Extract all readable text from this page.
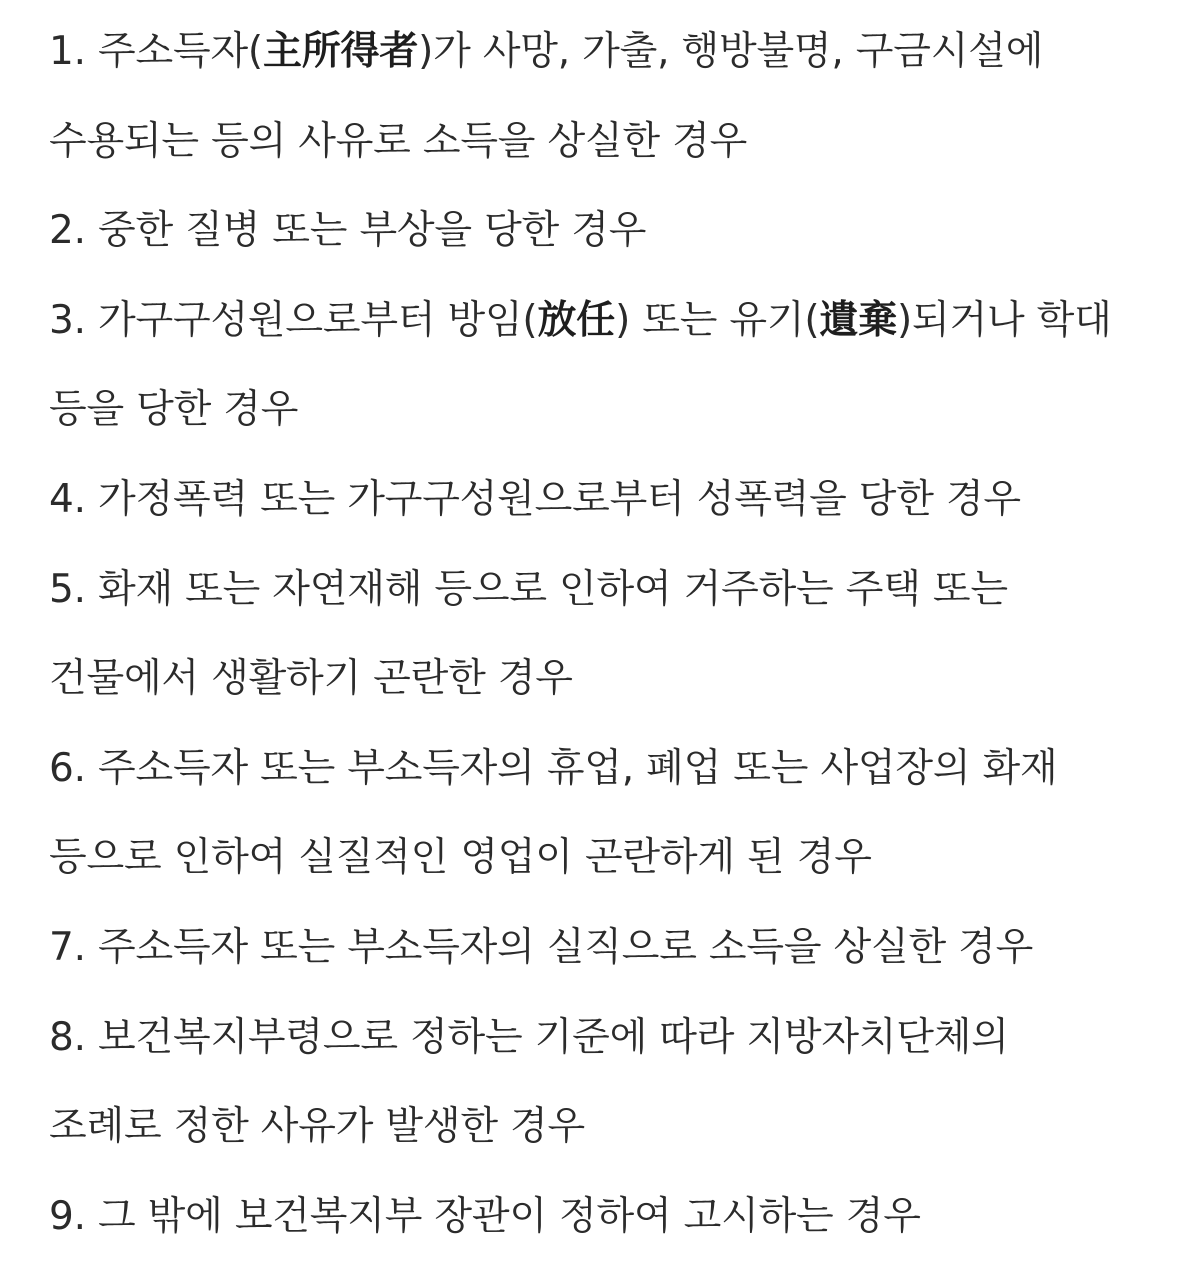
1. 주소득자(主所得者)가 사망, 가출, 행방불명, 구금시설에
수용되는 등의 사유로 소득을 상실한 경우
2. 중한 질병 또는 부상을 당한 경우
3. 가구구성원으로부터 방임(放任) 또는 유기(遺棄)되거나 학대
등을 당한 경우
4. 가정폭력 또는 가구구성원으로부터 성폭력을 당한 경우
5. 화재 또는 자연재해 등으로 인하여 거주하는 주택 또는
건물에서 생활하기 곤란한 경우
6. 주소득자 또는 부소득자의 휴업, 폐업 또는 사업장의 화재
등으로 인하여 실질적인 영업이 곤란하게 된 경우
7. 주소득자 또는 부소득자의 실직으로 소득을 상실한 경우
8. 보건복지부령으로 정하는 기준에 따라 지방자치단체의
조례로 정한 사유가 발생한 경우
9. 그 밖에 보건복지부 장관이 정하여 고시하는 경우
